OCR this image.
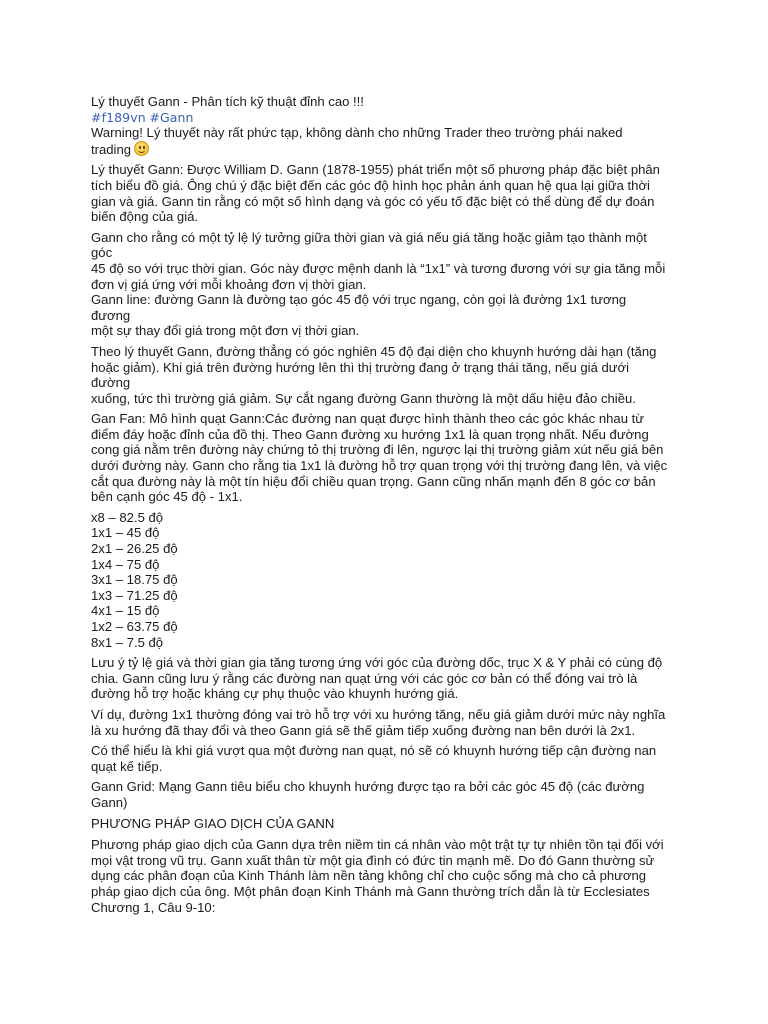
Lý thuyết Gann - Phân tích kỹ thuật đỉnh cao !!!
#f189vn #Gann
Warning! Lý thuyết này rất phức tạp, không dành cho những Trader theo trường phái naked
trading
Lý thuyết Gann: Được William D. Gann (1878-1955) phát triển một số phương pháp đặc biệt phân
tích biểu đồ giá. Ông chú ý đặc biệt đến các góc độ hình học phản ánh quan hệ qua lại giữa thời
gian và giá. Gann tin rằng có một số hình dạng và góc có yếu tố đặc biệt có thể dùng để dự đoán
biến động của giá.
Gann cho rằng có một tỷ lệ lý tưởng giữa thời gian và giá nếu giá tăng hoặc giảm tạo thành một góc
45 độ so với trục thời gian. Góc này được mệnh danh là “1x1” và tương đương với sự gia tăng mỗi
đơn vị giá ứng với mỗi khoảng đơn vị thời gian.
Gann line: đường Gann là đường tạo góc 45 độ với trục ngang, còn gọi là đường 1x1 tương đương
một sự thay đổi giá trong một đơn vị thời gian.
Theo lý thuyết Gann, đường thẳng có góc nghiên 45 độ đại diện cho khuynh hướng dài hạn (tăng
hoặc giảm). Khi giá trên đường hướng lên thì thị trường đang ở trạng thái tăng, nếu giá dưới đường
xuống, tức thì trường giá giảm. Sự cắt ngang đường Gann thường là một dấu hiệu đảo chiều.
Gan Fan: Mô hình quạt Gann:Các đường nan quạt được hình thành theo các góc khác nhau từ
điểm đáy hoặc đỉnh của đồ thị. Theo Gann đường xu hướng 1x1 là quan trọng nhất. Nếu đường
cong giá nằm trên đường này chứng tỏ thị trường đi lên, ngược lại thị trường giảm xút nếu giá bên
dưới đường này. Gann cho rằng tia 1x1 là đường hỗ trợ quan trọng với thị trường đang lên, và việc
cắt qua đường này là một tín hiệu đổi chiều quan trọng. Gann cũng nhấn mạnh đến 8 góc cơ bản
bên cạnh góc 45 độ - 1x1.
x8 – 82.5 độ
1x1 – 45 độ
2x1 – 26.25 độ
1x4 – 75 độ
3x1 – 18.75 độ
1x3 – 71.25 độ
4x1 – 15 độ
1x2 – 63.75 độ
8x1 – 7.5 độ
Lưu ý tỷ lệ giá và thời gian gia tăng tương ứng với góc của đường dốc, trục X & Y phải có cùng độ
chia. Gann cũng lưu ý rằng các đường nan quạt ứng với các góc cơ bản có thể đóng vai trò là
đường hỗ trợ hoặc kháng cự phụ thuộc vào khuynh hướng giá.
Ví dụ, đường 1x1 thường đóng vai trò hỗ trợ với xu hướng tăng, nếu giá giảm dưới mức này nghĩa
là xu hướng đã thay đổi và theo Gann giá sẽ thế giảm tiếp xuống đường nan bên dưới là 2x1.
Có thể hiểu là khi giá vượt qua một đường nan quạt, nó sẽ có khuynh hướng tiếp cận đường nan
quạt kế tiếp.
Gann Grid: Mạng Gann tiêu biểu cho khuynh hướng được tạo ra bởi các góc 45 độ (các đường
Gann)
PHƯƠNG PHÁP GIAO DỊCH CỦA GANN
Phương pháp giao dịch của Gann dựa trên niềm tin cá nhân vào một trật tự tự nhiên tồn tại đối với
mọi vật trong vũ trụ. Gann xuất thân từ một gia đình có đức tin mạnh mẽ. Do đó Gann thường sử
dụng các phân đoạn của Kinh Thánh làm nền tảng không chỉ cho cuộc sống mà cho cả phương
pháp giao dịch của ông. Một phân đoạn Kinh Thánh mà Gann thường trích dẫn là từ Ecclesiates
Chương 1, Câu 9-10:
